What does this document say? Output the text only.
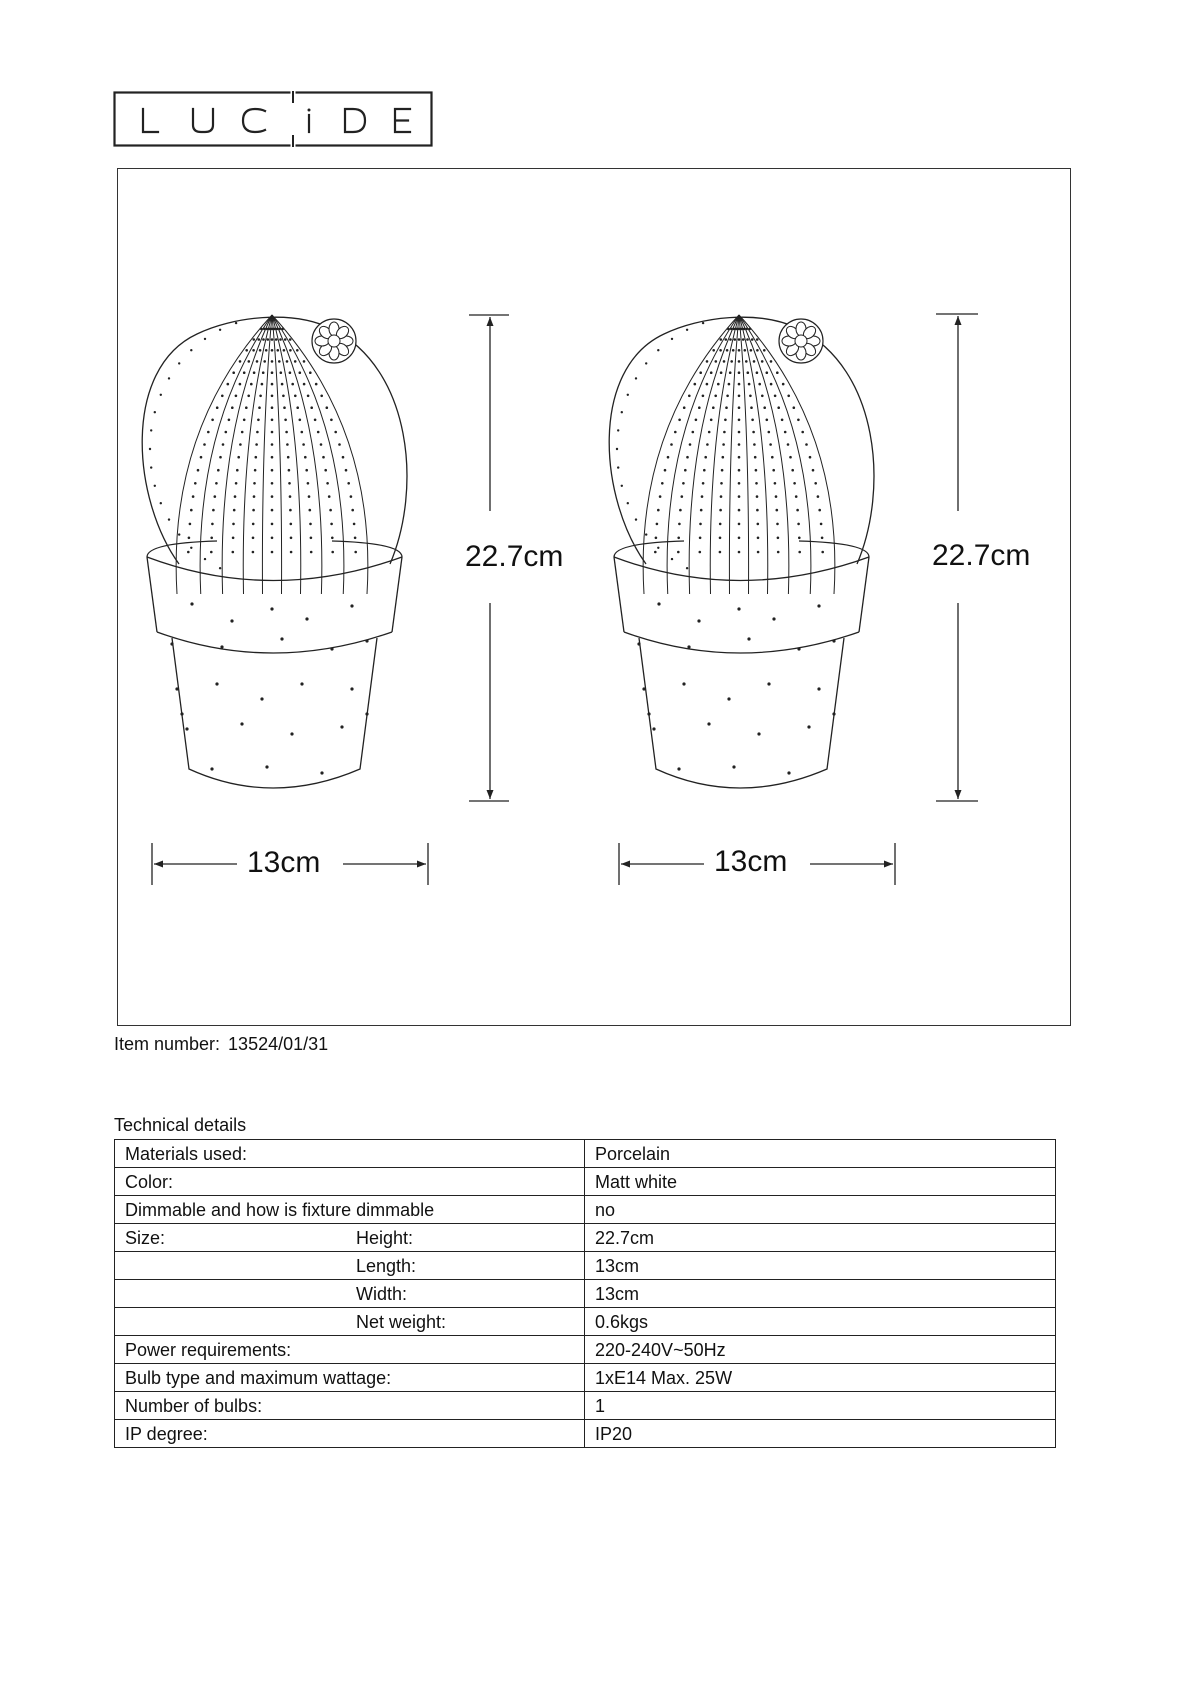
22.7cm
13cm
22.7cm
13cm
Item number: 13524/01/31
Technical details
Materials used:	Porcelain
Color:	Matt white
Dimmable and how is fixture dimmable	no
Size: Height:	22.7cm

Length:	13cm

Width:	13cm

Net weight:	0.6kgs
Power requirements:	220-240V~50Hz
Bulb type and maximum wattage:	1xE14 Max. 25W
Number of bulbs:	1
IP degree:	IP20
